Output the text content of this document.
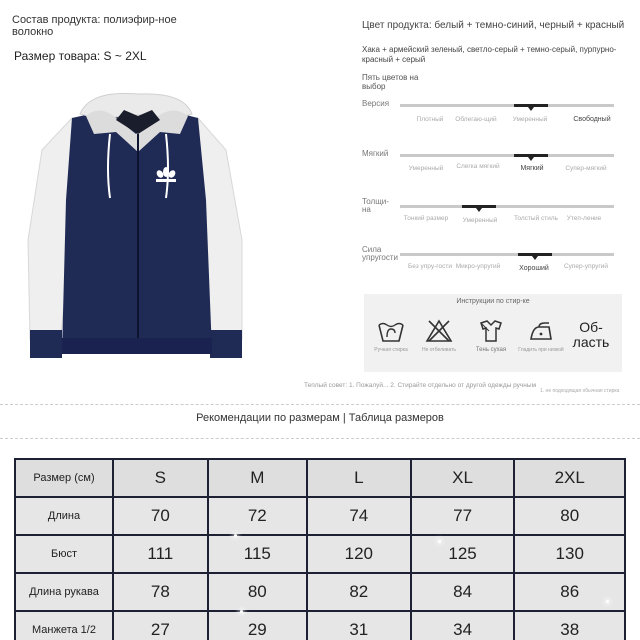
Состав продукта: полиэфир-ное волокно
Размер товара: S ~ 2XL
Цвет продукта: белый + темно-синий, черный + красный
Хака + армейский зеленый, светло-серый + темно-серый, пурпурно-красный + серый
Пять цветов на выбор
Версия
Плотный	Облегаю-щий	Умеренный	Свободный
Мягкий
Умеренный	Слегка мягкий	Мягкий	Супер-мягкий
Толщи-на
Тонкий размер	Умеренный	Толстый стиль	Утеп-ление
Сила упругости
Без упру-гости Микро-упругий	Хороший	Супер-упругий
Инструкции по стир-ке
Ручная стирка	Не отбеливать	Тень сухая	Гладить при низкой
Об-ласть
Теплый совет: 1. Пожалуй... 2. Стирайте отдельно от другой одежды ручным
1. не подходящая обычная стирка
Рекомендации по размерам | Таблица размеров
Размер (см)	S	M	L	XL	2XL
Длина	70	72	74	77	80
Бюст	111	115	120	125	130
Длина рукава	78	80	82	84	86
Манжета 1/2	27	29	31	34	38
